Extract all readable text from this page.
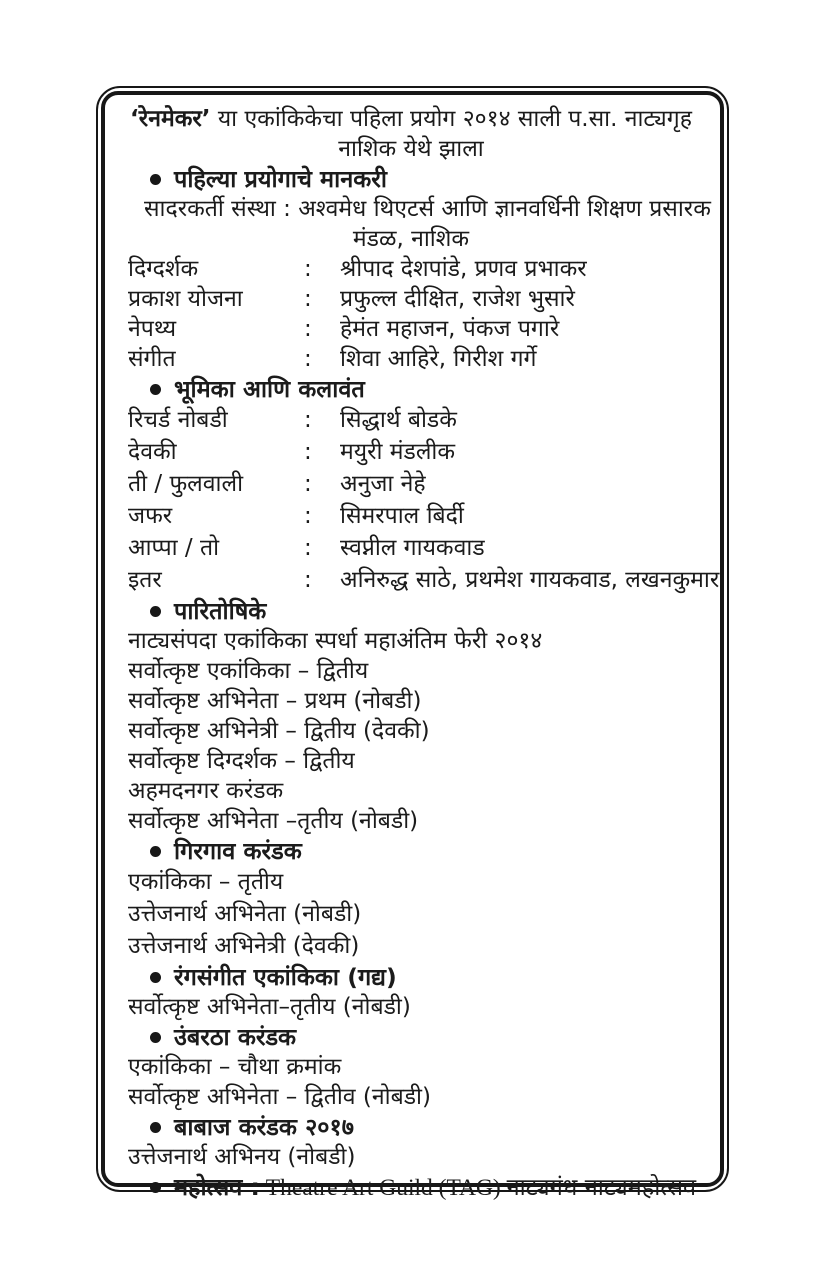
‘रेनमेकर’ या एकांकिकेचा पहिला प्रयोग २०१४ साली प.सा. नाट्यगृह
नाशिक येथे झाला
पहिल्या प्रयोगाचे मानकरी
सादरकर्ती संस्था : अश्वमेध थिएटर्स आणि ज्ञानवर्धिनी शिक्षण प्रसारक
मंडळ, नाशिक
दिग्दर्शक	:	श्रीपाद देशपांडे, प्रणव प्रभाकर
प्रकाश योजना	:	प्रफुल्ल दीक्षित, राजेश भुसारे
नेपथ्य	:	हेमंत महाजन, पंकज पगारे
संगीत	:	शिवा आहिरे, गिरीश गर्गे
भूमिका आणि कलावंत
रिचर्ड नोबडी	:	सिद्धार्थ बोडके
देवकी	:	मयुरी मंडलीक
ती / फुलवाली	:	अनुजा नेहे
जफर	:	सिमरपाल बिर्दी
आप्पा / तो	:	स्वप्नील गायकवाड
इतर	:	अनिरुद्ध साठे, प्रथमेश गायकवाड, लखनकुमार
पारितोषिके
नाट्यसंपदा एकांकिका स्पर्धा महाअंतिम फेरी २०१४
सर्वोत्कृष्ट एकांकिका – द्वितीय
सर्वोत्कृष्ट अभिनेता – प्रथम (नोबडी)
सर्वोत्कृष्ट अभिनेत्री – द्वितीय (देवकी)
सर्वोत्कृष्ट दिग्दर्शक – द्वितीय
अहमदनगर करंडक
सर्वोत्कृष्ट अभिनेता –तृतीय (नोबडी)
गिरगाव करंडक
एकांकिका – तृतीय
उत्तेजनार्थ अभिनेता (नोबडी)
उत्तेजनार्थ अभिनेत्री (देवकी)
रंगसंगीत एकांकिका (गद्य)
सर्वोत्कृष्ट अभिनेता–तृतीय (नोबडी)
उंबरठा करंडक
एकांकिका – चौथा क्रमांक
सर्वोत्कृष्ट अभिनेता – द्वितीव (नोबडी)
बाबाज करंडक २०१७
उत्तेजनार्थ अभिनय (नोबडी)
महोत्सव : Theatre Art Guild (TAG) नाट्यगंध नाट्यमहोत्सव
